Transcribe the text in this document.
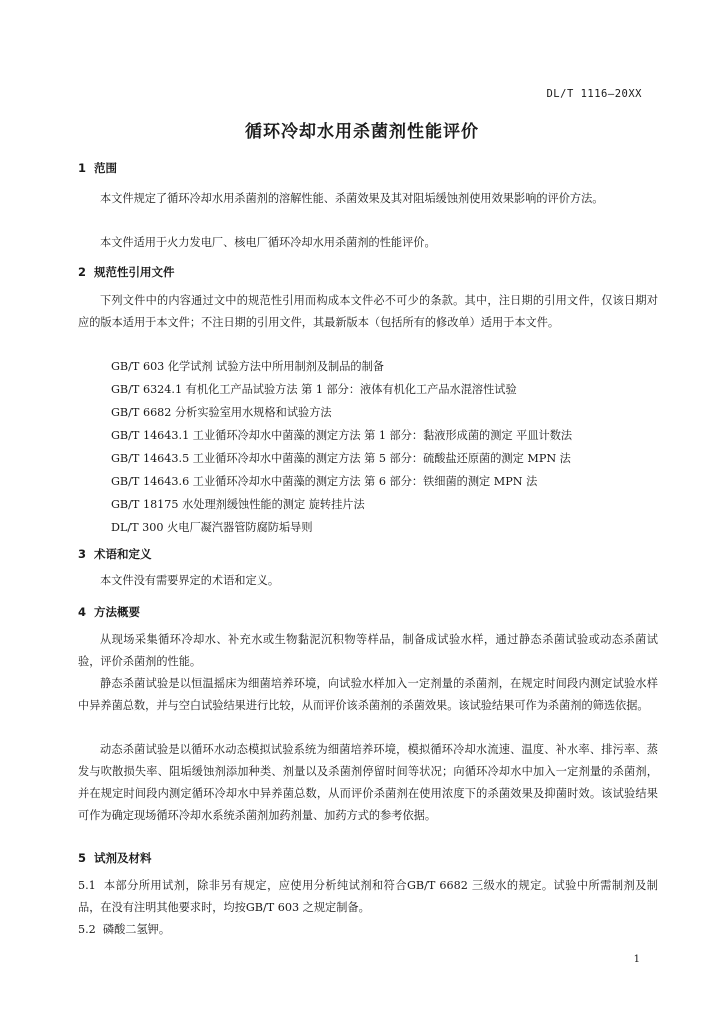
DL/T 1116—20XX
循环冷却水用杀菌剂性能评价
1 范围
本文件规定了循环冷却水用杀菌剂的溶解性能、杀菌效果及其对阻垢缓蚀剂使用效果影响的评价方法。
本文件适用于火力发电厂、核电厂循环冷却水用杀菌剂的性能评价。
2 规范性引用文件
下列文件中的内容通过文中的规范性引用而构成本文件必不可少的条款。其中，注日期的引用文件，仅该日期对应的版本适用于本文件；不注日期的引用文件，其最新版本（包括所有的修改单）适用于本文件。
GB/T 603 化学试剂 试验方法中所用制剂及制品的制备
GB/T 6324.1 有机化工产品试验方法 第 1 部分：液体有机化工产品水混溶性试验
GB/T 6682 分析实验室用水规格和试验方法
GB/T 14643.1 工业循环冷却水中菌藻的测定方法 第 1 部分：黏液形成菌的测定 平皿计数法
GB/T 14643.5 工业循环冷却水中菌藻的测定方法 第 5 部分：硫酸盐还原菌的测定 MPN 法
GB/T 14643.6 工业循环冷却水中菌藻的测定方法 第 6 部分：铁细菌的测定 MPN 法
GB/T 18175 水处理剂缓蚀性能的测定 旋转挂片法
DL/T 300 火电厂凝汽器管防腐防垢导则
3 术语和定义
本文件没有需要界定的术语和定义。
4 方法概要
从现场采集循环冷却水、补充水或生物黏泥沉积物等样品，制备成试验水样，通过静态杀菌试验或动态杀菌试验，评价杀菌剂的性能。
静态杀菌试验是以恒温摇床为细菌培养环境，向试验水样加入一定剂量的杀菌剂，在规定时间段内测定试验水样中异养菌总数，并与空白试验结果进行比较，从而评价该杀菌剂的杀菌效果。该试验结果可作为杀菌剂的筛选依据。
动态杀菌试验是以循环水动态模拟试验系统为细菌培养环境，模拟循环冷却水流速、温度、补水率、排污率、蒸发与吹散损失率、阻垢缓蚀剂添加种类、剂量以及杀菌剂停留时间等状况；向循环冷却水中加入一定剂量的杀菌剂，并在规定时间段内测定循环冷却水中异养菌总数，从而评价杀菌剂在使用浓度下的杀菌效果及抑菌时效。该试验结果可作为确定现场循环冷却水系统杀菌剂加药剂量、加药方式的参考依据。
5 试剂及材料
5.1 本部分所用试剂，除非另有规定，应使用分析纯试剂和符合GB/T 6682 三级水的规定。试验中所需制剂及制品，在没有注明其他要求时，均按GB/T 603 之规定制备。
5.2 磷酸二氢钾。
1
